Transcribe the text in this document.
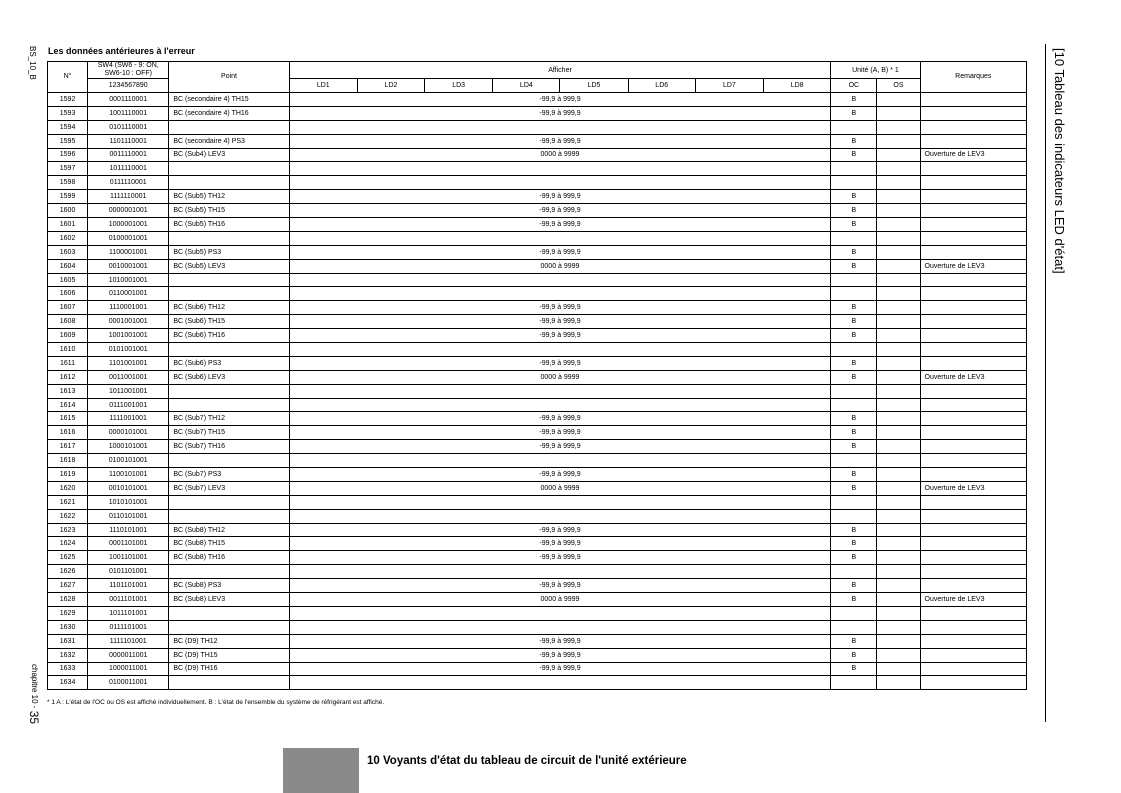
BS_10_B
chapitre 10 - 35
[10 Tableau des indicateurs LED d'état]
Les données antérieures à l'erreur
N°	SW4 (SW6 - 9: ON, SW6-10 : OFF)	Point	Afficher								Unité (A, B) * 1		Remarques
	1234567890		LD1	LD2	LD3	LD4	LD5	LD6	LD7	LD8	OC	OS	
1592	0001110001	BC (secondaire 4) TH15	-99,9 à 999,9								B		
1593	1001110001	BC (secondaire 4) TH16	-99,9 à 999,9								B		
1594	0101110001												
1595	1101110001	BC (secondaire 4) PS3	-99,9 à 999,9								B		
1596	0011110001	BC (Sub4) LEV3	0000 à 9999								B		Ouverture de LEV3
1597	1011110001												
1598	0111110001												
1599	1111110001	BC (Sub5) TH12	-99,9 à 999,9								B		
1600	0000001001	BC (Sub5) TH15	-99,9 à 999,9								B		
1601	1000001001	BC (Sub5) TH16	-99,9 à 999,9								B		
1602	0100001001												
1603	1100001001	BC (Sub5) PS3	-99,9 à 999,9								B		
1604	0010001001	BC (Sub5) LEV3	0000 à 9999								B		Ouverture de LEV3
1605	1010001001												
1606	0110001001												
1607	1110001001	BC (Sub6) TH12	-99,9 à 999,9								B		
1608	0001001001	BC (Sub6) TH15	-99,9 à 999,9								B		
1609	1001001001	BC (Sub6) TH16	-99,9 à 999,9								B		
1610	0101001001												
1611	1101001001	BC (Sub6) PS3	-99,9 à 999,9								B		
1612	0011001001	BC (Sub6) LEV3	0000 à 9999								B		Ouverture de LEV3
1613	1011001001												
1614	0111001001												
1615	1111001001	BC (Sub7) TH12	-99,9 à 999,9								B		
1616	0000101001	BC (Sub7) TH15	-99,9 à 999,9								B		
1617	1000101001	BC (Sub7) TH16	-99,9 à 999,9								B		
1618	0100101001												
1619	1100101001	BC (Sub7) PS3	-99,9 à 999,9								B		
1620	0010101001	BC (Sub7) LEV3	0000 à 9999								B		Ouverture de LEV3
1621	1010101001												
1622	0110101001												
1623	1110101001	BC (Sub8) TH12	-99,9 à 999,9								B		
1624	0001101001	BC (Sub8) TH15	-99,9 à 999,9								B		
1625	1001101001	BC (Sub8) TH16	-99,9 à 999,9								B		
1626	0101101001												
1627	1101101001	BC (Sub8) PS3	-99,9 à 999,9								B		
1628	0011101001	BC (Sub8) LEV3	0000 à 9999								B		Ouverture de LEV3
1629	1011101001												
1630	0111101001												
1631	1111101001	BC (D9) TH12	-99,9 à 999,9								B		
1632	0000011001	BC (D9) TH15	-99,9 à 999,9								B		
1633	1000011001	BC (D9) TH16	-99,9 à 999,9								B		
1634	0100011001												
* 1 A : L'état de l'OC ou OS est affiché individuellement. B : L'état de l'ensemble du système de réfrigérant est affiché.
10 Voyants d'état du tableau de circuit de l'unité extérieure
